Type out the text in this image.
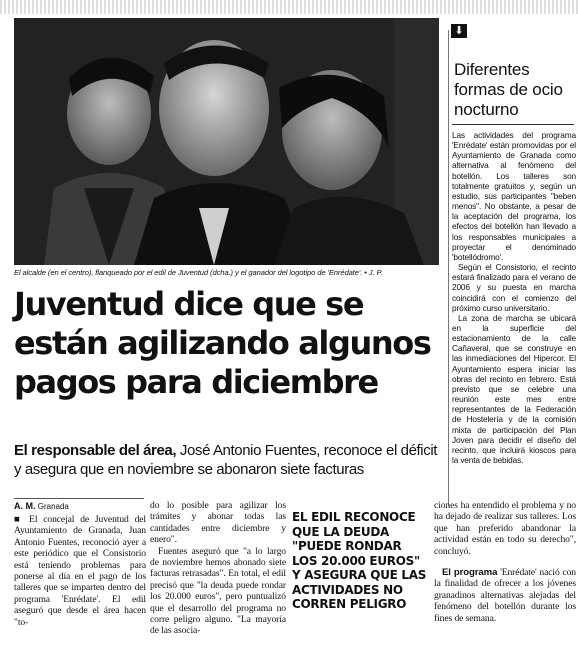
El alcalde (en el centro), flanqueado por el edil de Juventud (dcha.) y el ganador del logotipo de 'Enrédate'. • J. P.
⬇
Diferentes formas de ocio nocturno

Las actividades del programa 'Enrédate' están promovidas por el Ayuntamiento de Granada como alternativa al fenómeno del botellón. Los talleres son totalmente gratuitos y, según un estudio, sus participantes "beben menos". No obstante, a pesar de la aceptación del programa, los efectos del botellón han llevado a los responsables municipales a proyectar el denominado 'botellódromo'.

Según el Consistorio, el recinto estará finalizado para el verano de 2006 y su puesta en marcha coincidirá con el comienzo del próximo curso universitario.

La zona de marcha se ubicará en la superficie del estacionamiento de la calle Cañaveral, que se construye en las inmediaciones del Hipercor. El Ayuntamiento espera iniciar las obras del recinto en febrero. Está previsto que se celebre una reunión este mes entre representantes de la Federación de Hostelería y de la comisión mixta de participación del Plan Joven para decidir el diseño del recinto, que incluirá kioscos para la venta de bebidas.

Juventud dice que se están agilizando algunos pagos para diciembre
El responsable del área, José Antonio Fuentes, reconoce el déficit y asegura que en noviembre se abonaron siete facturas
A. M. Granada

■ El concejal de Juventud del Ayuntamiento de Granada, Juan Antonio Fuentes, reconoció ayer a este periódico que el Consistorio está teniendo problemas para ponerse al día en el pago de los talleres que se imparten dentro del programa 'Enrédate'. El edil aseguró que desde el área hacen "to-

do lo posible para agilizar los trámites y abonar todas las cantidades entre diciembre y enero".

Fuentes aseguró que "a lo largo de noviembre hemos abonado siete facturas retrasadas". En total, el edil precisó que "la deuda puede rondar los 20.000 euros", pero puntualizó que el desarrollo del programa no corre peligro alguno. "La mayoría de las asocia-

EL EDIL RECONOCE QUE LA DEUDA "PUEDE RONDAR LOS 20.000 EUROS" Y ASEGURA QUE LAS ACTIVIDADES NO CORREN PELIGRO

ciones ha entendido el problema y no ha dejado de realizar sus talleres. Los que han preferido abandonar la actividad están en todo su derecho", concluyó.

El programa 'Enrédate' nació con la finalidad de ofrecer a los jóvenes granadinos alternativas alejadas del fenómeno del botellón durante los fines de semana.
